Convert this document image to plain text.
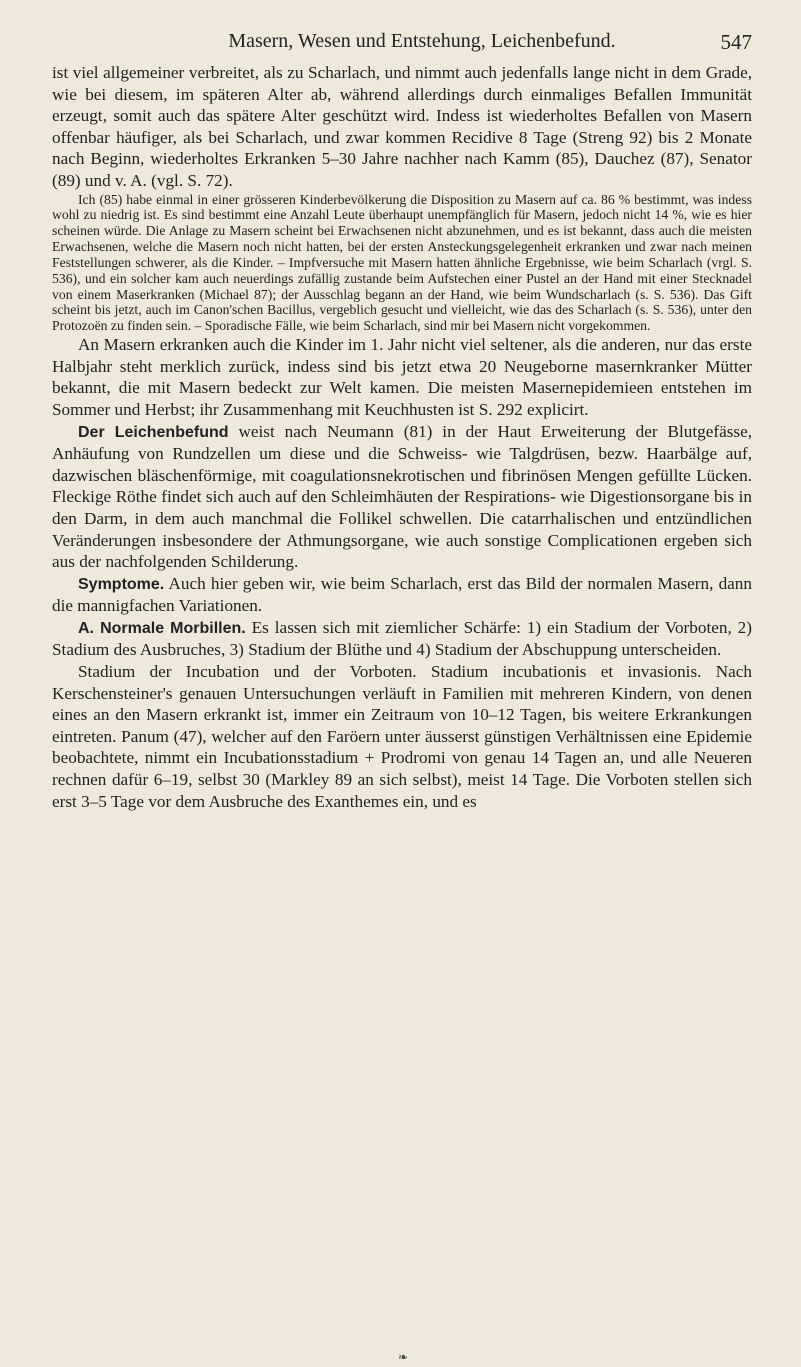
Masern, Wesen und Entstehung, Leichenbefund.	547

ist viel allgemeiner verbreitet, als zu Scharlach, und nimmt auch jedenfalls lange nicht in dem Grade, wie bei diesem, im späteren Alter ab, während allerdings durch einmaliges Befallen Immunität erzeugt, somit auch das spätere Alter geschützt wird. Indess ist wiederholtes Befallen von Masern offenbar häufiger, als bei Scharlach, und zwar kommen Recidive 8 Tage (Streng 92) bis 2 Monate nach Beginn, wiederholtes Erkranken 5–30 Jahre nachher nach Kamm (85), Dauchez (87), Senator (89) und v. A. (vgl. S. 72).

Ich (85) habe einmal in einer grösseren Kinderbevölkerung die Disposition zu Masern auf ca. 86 % bestimmt, was indess wohl zu niedrig ist. Es sind bestimmt eine Anzahl Leute überhaupt unempfänglich für Masern, jedoch nicht 14 %, wie es hier scheinen würde. Die Anlage zu Masern scheint bei Erwachsenen nicht abzunehmen, und es ist bekannt, dass auch die meisten Erwachsenen, welche die Masern noch nicht hatten, bei der ersten Ansteckungsgelegenheit erkranken und zwar nach meinen Feststellungen schwerer, als die Kinder. – Impfversuche mit Masern hatten ähnliche Ergebnisse, wie beim Scharlach (vrgl. S. 536), und ein solcher kam auch neuerdings zufällig zustande beim Aufstechen einer Pustel an der Hand mit einer Stecknadel von einem Maserkranken (Michael 87); der Ausschlag begann an der Hand, wie beim Wundscharlach (s. S. 536). Das Gift scheint bis jetzt, auch im Canon'schen Bacillus, vergeblich gesucht und vielleicht, wie das des Scharlach (s. S. 536), unter den Protozoën zu finden sein. – Sporadische Fälle, wie beim Scharlach, sind mir bei Masern nicht vorgekommen.

An Masern erkranken auch die Kinder im 1. Jahr nicht viel seltener, als die anderen, nur das erste Halbjahr steht merklich zurück, indess sind bis jetzt etwa 20 Neugeborne masernkranker Mütter bekannt, die mit Masern bedeckt zur Welt kamen. Die meisten Masernepidemieen entstehen im Sommer und Herbst; ihr Zusammenhang mit Keuchhusten ist S. 292 explicirt.

Der Leichenbefund weist nach Neumann (81) in der Haut Erweiterung der Blutgefässe, Anhäufung von Rundzellen um diese und die Schweiss- wie Talgdrüsen, bezw. Haarbälge auf, dazwischen bläschenförmige, mit coagulationsnekrotischen und fibrinösen Mengen gefüllte Lücken. Fleckige Röthe findet sich auch auf den Schleimhäuten der Respirations- wie Digestionsorgane bis in den Darm, in dem auch manchmal die Follikel schwellen. Die catarrhalischen und entzündlichen Veränderungen insbesondere der Athmungsorgane, wie auch sonstige Complicationen ergeben sich aus der nachfolgenden Schilderung.

Symptome. Auch hier geben wir, wie beim Scharlach, erst das Bild der normalen Masern, dann die mannigfachen Variationen.

A. Normale Morbillen. Es lassen sich mit ziemlicher Schärfe: 1) ein Stadium der Vorboten, 2) Stadium des Ausbruches, 3) Stadium der Blüthe und 4) Stadium der Abschuppung unterscheiden.

Stadium der Incubation und der Vorboten. Stadium incubationis et invasionis. Nach Kerschensteiner's genauen Untersuchungen verläuft in Familien mit mehreren Kindern, von denen eines an den Masern erkrankt ist, immer ein Zeitraum von 10–12 Tagen, bis weitere Erkrankungen eintreten. Panum (47), welcher auf den Faröern unter äusserst günstigen Verhältnissen eine Epidemie beobachtete, nimmt ein Incubationsstadium + Prodromi von genau 14 Tagen an, und alle Neueren rechnen dafür 6–19, selbst 30 (Markley 89 an sich selbst), meist 14 Tage. Die Vorboten stellen sich erst 3–5 Tage vor dem Ausbruche des Exanthemes ein, und es

❧
